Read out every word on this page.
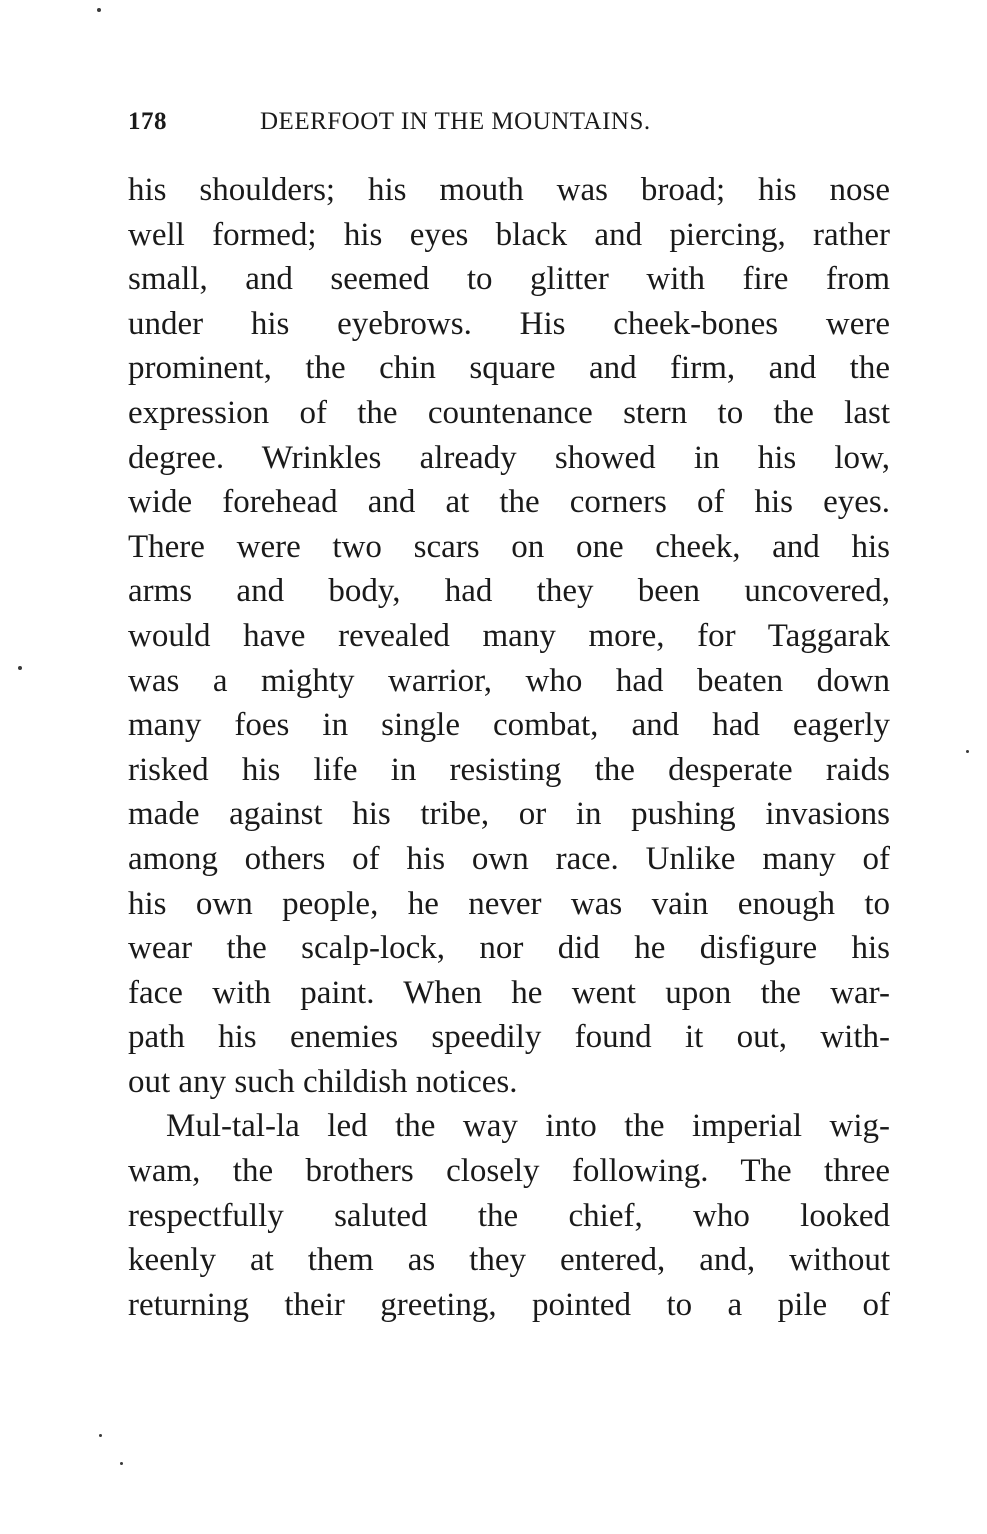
178	DEERFOOT IN THE MOUNTAINS.
his shoulders; his mouth was broad; his nose
well formed; his eyes black and piercing, rather
small, and seemed to glitter with fire from
under his eyebrows. His cheek-bones were
prominent, the chin square and firm, and the
expression of the countenance stern to the last
degree. Wrinkles already showed in his low,
wide forehead and at the corners of his eyes.
There were two scars on one cheek, and his
arms and body, had they been uncovered,
would have revealed many more, for Taggarak
was a mighty warrior, who had beaten down
many foes in single combat, and had eagerly
risked his life in resisting the desperate raids
made against his tribe, or in pushing invasions
among others of his own race. Unlike many of
his own people, he never was vain enough to
wear the scalp-lock, nor did he disfigure his
face with paint. When he went upon the war-
path his enemies speedily found it out, with-
out any such childish notices.
Mul-tal-la led the way into the imperial wig-
wam, the brothers closely following. The three
respectfully saluted the chief, who looked
keenly at them as they entered, and, without
returning their greeting, pointed to a pile of
